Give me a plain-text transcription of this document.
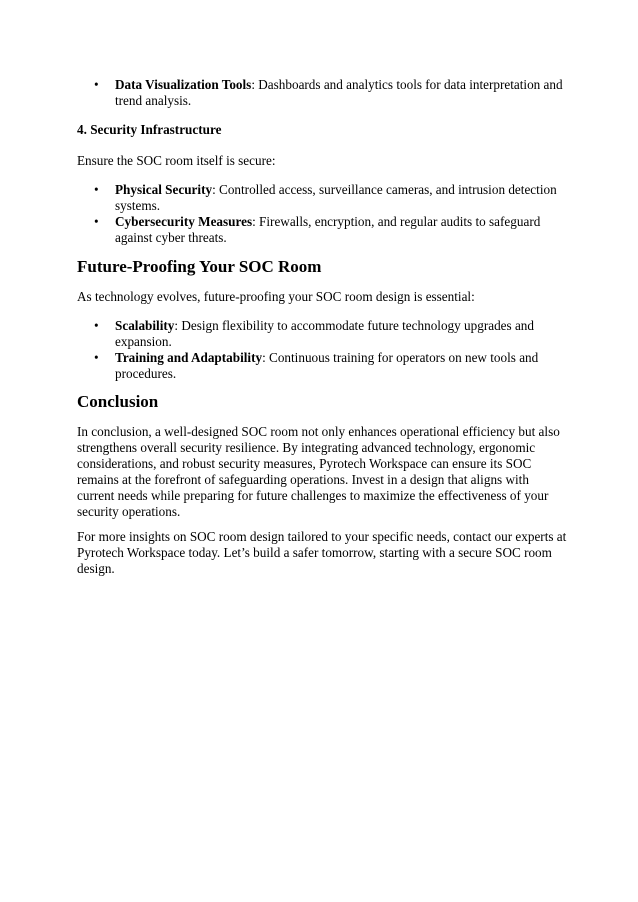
• Data Visualization Tools: Dashboards and analytics tools for data interpretation and trend analysis.

4. Security Infrastructure

Ensure the SOC room itself is secure:

• Physical Security: Controlled access, surveillance cameras, and intrusion detection systems.
• Cybersecurity Measures: Firewalls, encryption, and regular audits to safeguard against cyber threats.

Future-Proofing Your SOC Room

As technology evolves, future-proofing your SOC room design is essential:

• Scalability: Design flexibility to accommodate future technology upgrades and expansion.
• Training and Adaptability: Continuous training for operators on new tools and procedures.

Conclusion

In conclusion, a well-designed SOC room not only enhances operational efficiency but also strengthens overall security resilience. By integrating advanced technology, ergonomic considerations, and robust security measures, Pyrotech Workspace can ensure its SOC remains at the forefront of safeguarding operations. Invest in a design that aligns with current needs while preparing for future challenges to maximize the effectiveness of your security operations.

For more insights on SOC room design tailored to your specific needs, contact our experts at Pyrotech Workspace today. Let’s build a safer tomorrow, starting with a secure SOC room design.
